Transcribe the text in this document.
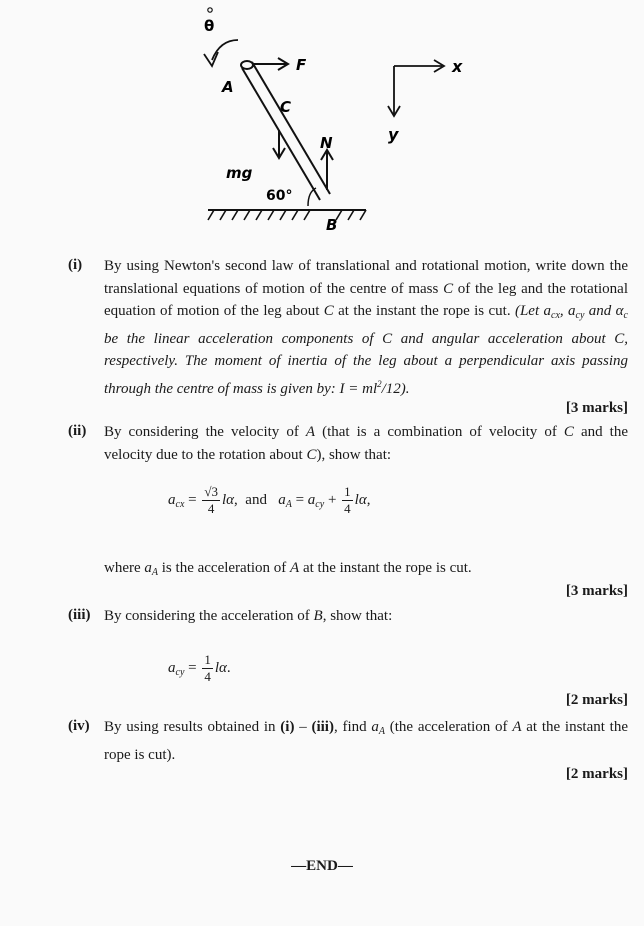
θ
A
F
C
mg
N
60°
B
x
y
(i) By using Newton's second law of translational and rotational motion, write down the translational equations of motion of the centre of mass C of the leg and the rotational equation of motion of the leg about C at the instant the rope is cut. (Let $a_{cx}$, $a_{cy}$ and $\alpha_c$ be the linear acceleration components of C and angular acceleration about C, respectively. The moment of inertia of the leg about a perpendicular axis passing through the centre of mass is given by: $I = ml^2/12$).
[3 marks]
(ii) By considering the velocity of A (that is a combination of velocity of C and the velocity due to the rotation about C), show that:
$a_{cx} = \frac{√3}{4} l\alpha$,  and   $a_A = a_{cy} + \frac{1}{4} l\alpha$,
where $a_A$ is the acceleration of A at the instant the rope is cut.
[3 marks]
(iii) By considering the acceleration of B, show that:
$a_{cy} = \frac{1}{4} l\alpha$.
[2 marks]
(iv) By using results obtained in (i) – (iii), find $a_A$ (the acceleration of A at the instant the rope is cut).
[2 marks]
—END—
